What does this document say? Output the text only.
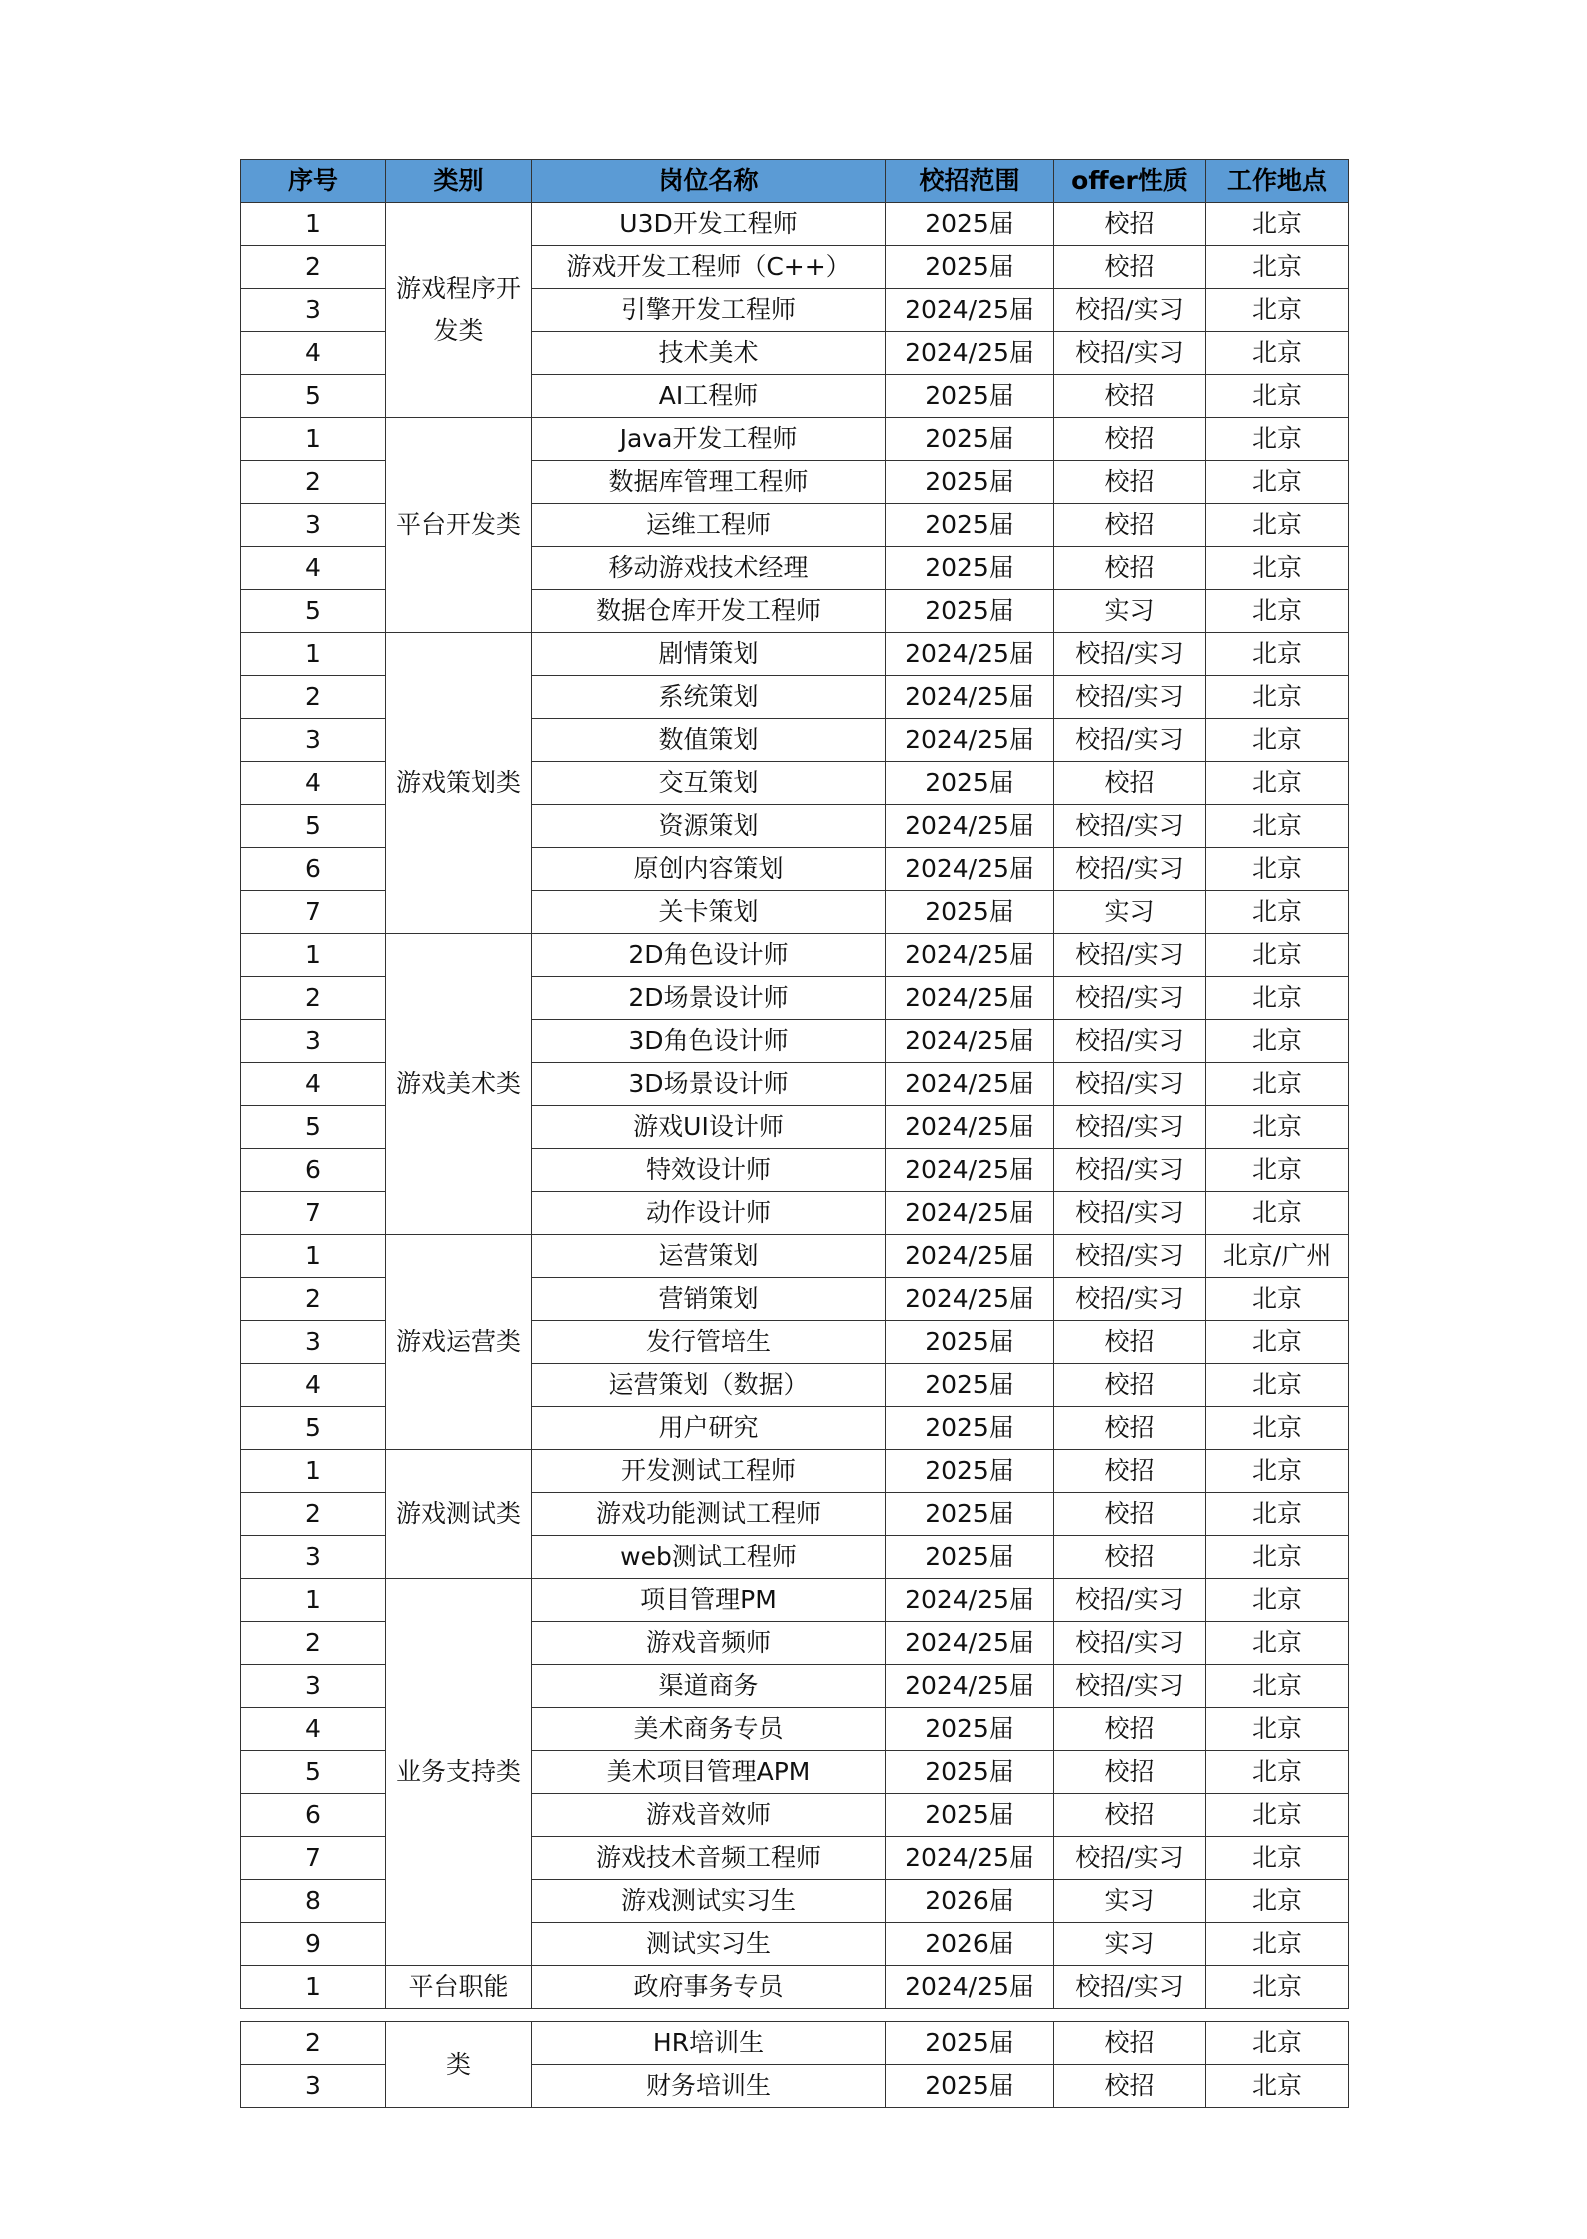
序号	类别	岗位名称	校招范围	offer性质	工作地点
1	游戏程序开发类	U3D开发工程师	2025届	校招	北京
2		游戏开发工程师（C++）	2025届	校招	北京
3		引擎开发工程师	2024/25届	校招/实习	北京
4		技术美术	2024/25届	校招/实习	北京
5		AI工程师	2025届	校招	北京
1	平台开发类	Java开发工程师	2025届	校招	北京
2		数据库管理工程师	2025届	校招	北京
3		运维工程师	2025届	校招	北京
4		移动游戏技术经理	2025届	校招	北京
5		数据仓库开发工程师	2025届	实习	北京
1	游戏策划类	剧情策划	2024/25届	校招/实习	北京
2		系统策划	2024/25届	校招/实习	北京
3		数值策划	2024/25届	校招/实习	北京
4		交互策划	2025届	校招	北京
5		资源策划	2024/25届	校招/实习	北京
6		原创内容策划	2024/25届	校招/实习	北京
7		关卡策划	2025届	实习	北京
1	游戏美术类	2D角色设计师	2024/25届	校招/实习	北京
2		2D场景设计师	2024/25届	校招/实习	北京
3		3D角色设计师	2024/25届	校招/实习	北京
4		3D场景设计师	2024/25届	校招/实习	北京
5		游戏UI设计师	2024/25届	校招/实习	北京
6		特效设计师	2024/25届	校招/实习	北京
7		动作设计师	2024/25届	校招/实习	北京
1	游戏运营类	运营策划	2024/25届	校招/实习	北京/广州
2		营销策划	2024/25届	校招/实习	北京
3		发行管培生	2025届	校招	北京
4		运营策划（数据）	2025届	校招	北京
5		用户研究	2025届	校招	北京
1	游戏测试类	开发测试工程师	2025届	校招	北京
2		游戏功能测试工程师	2025届	校招	北京
3		web测试工程师	2025届	校招	北京
1	业务支持类	项目管理PM	2024/25届	校招/实习	北京
2		游戏音频师	2024/25届	校招/实习	北京
3		渠道商务	2024/25届	校招/实习	北京
4		美术商务专员	2025届	校招	北京
5		美术项目管理APM	2025届	校招	北京
6		游戏音效师	2025届	校招	北京
7		游戏技术音频工程师	2024/25届	校招/实习	北京
8		游戏测试实习生	2026届	实习	北京
9		测试实习生	2026届	实习	北京
1	平台职能	政府事务专员	2024/25届	校招/实习	北京
2	类	HR培训生	2025届	校招	北京
3		财务培训生	2025届	校招	北京
